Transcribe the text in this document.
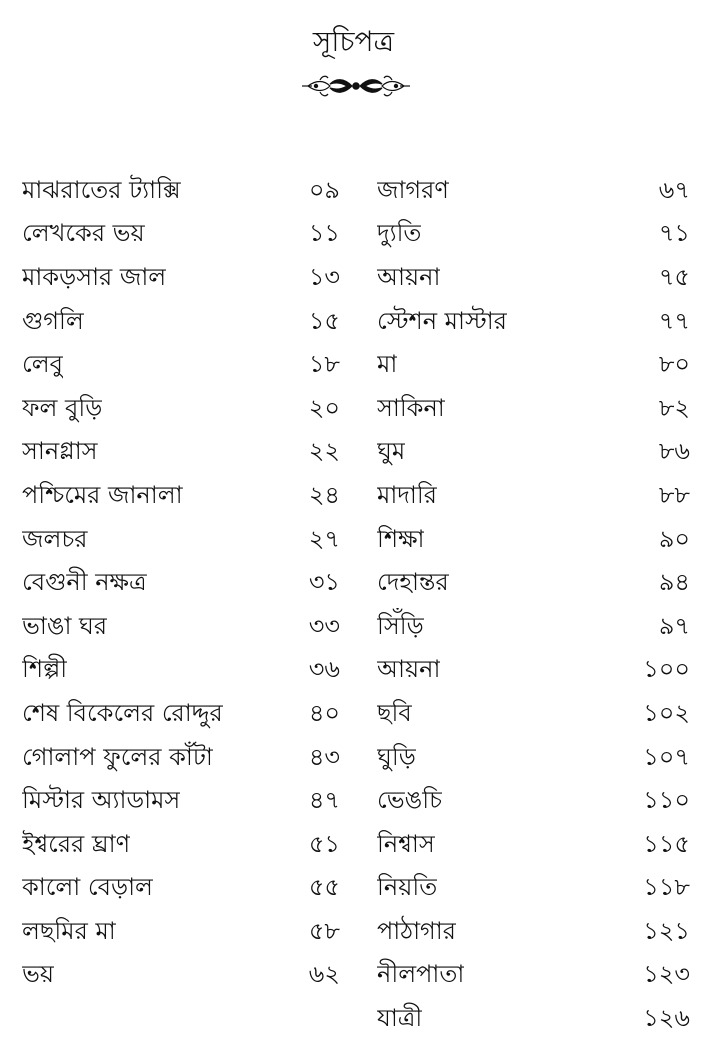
সূচিপত্র
মাঝরাতের ট্যাক্সি	০৯
লেখকের ভয়	১১
মাকড়সার জাল	১৩
গুগলি	১৫
লেবু	১৮
ফল বুড়ি	২০
সানগ্লাস	২২
পশ্চিমের জানালা	২৪
জলচর	২৭
বেগুনী নক্ষত্র	৩১
ভাঙা ঘর	৩৩
শিল্পী	৩৬
শেষ বিকেলের রোদ্দুর	৪০
গোলাপ ফুলের কাঁটা	৪৩
মিস্টার অ্যাডামস	৪৭
ইশ্বরের ঘ্রাণ	৫১
কালো বেড়াল	৫৫
লছমির মা	৫৮
ভয়	৬২
জাগরণ	৬৭
দ্যুতি	৭১
আয়না	৭৫
স্টেশন মাস্টার	৭৭
মা	৮০
সাকিনা	৮২
ঘুম	৮৬
মাদারি	৮৮
শিক্ষা	৯০
দেহান্তর	৯৪
সিঁড়ি	৯৭
আয়না	১০০
ছবি	১০২
ঘুড়ি	১০৭
ভেঙচি	১১০
নিশ্বাস	১১৫
নিয়তি	১১৮
পাঠাগার	১২১
নীলপাতা	১২৩
যাত্রী	১২৬
